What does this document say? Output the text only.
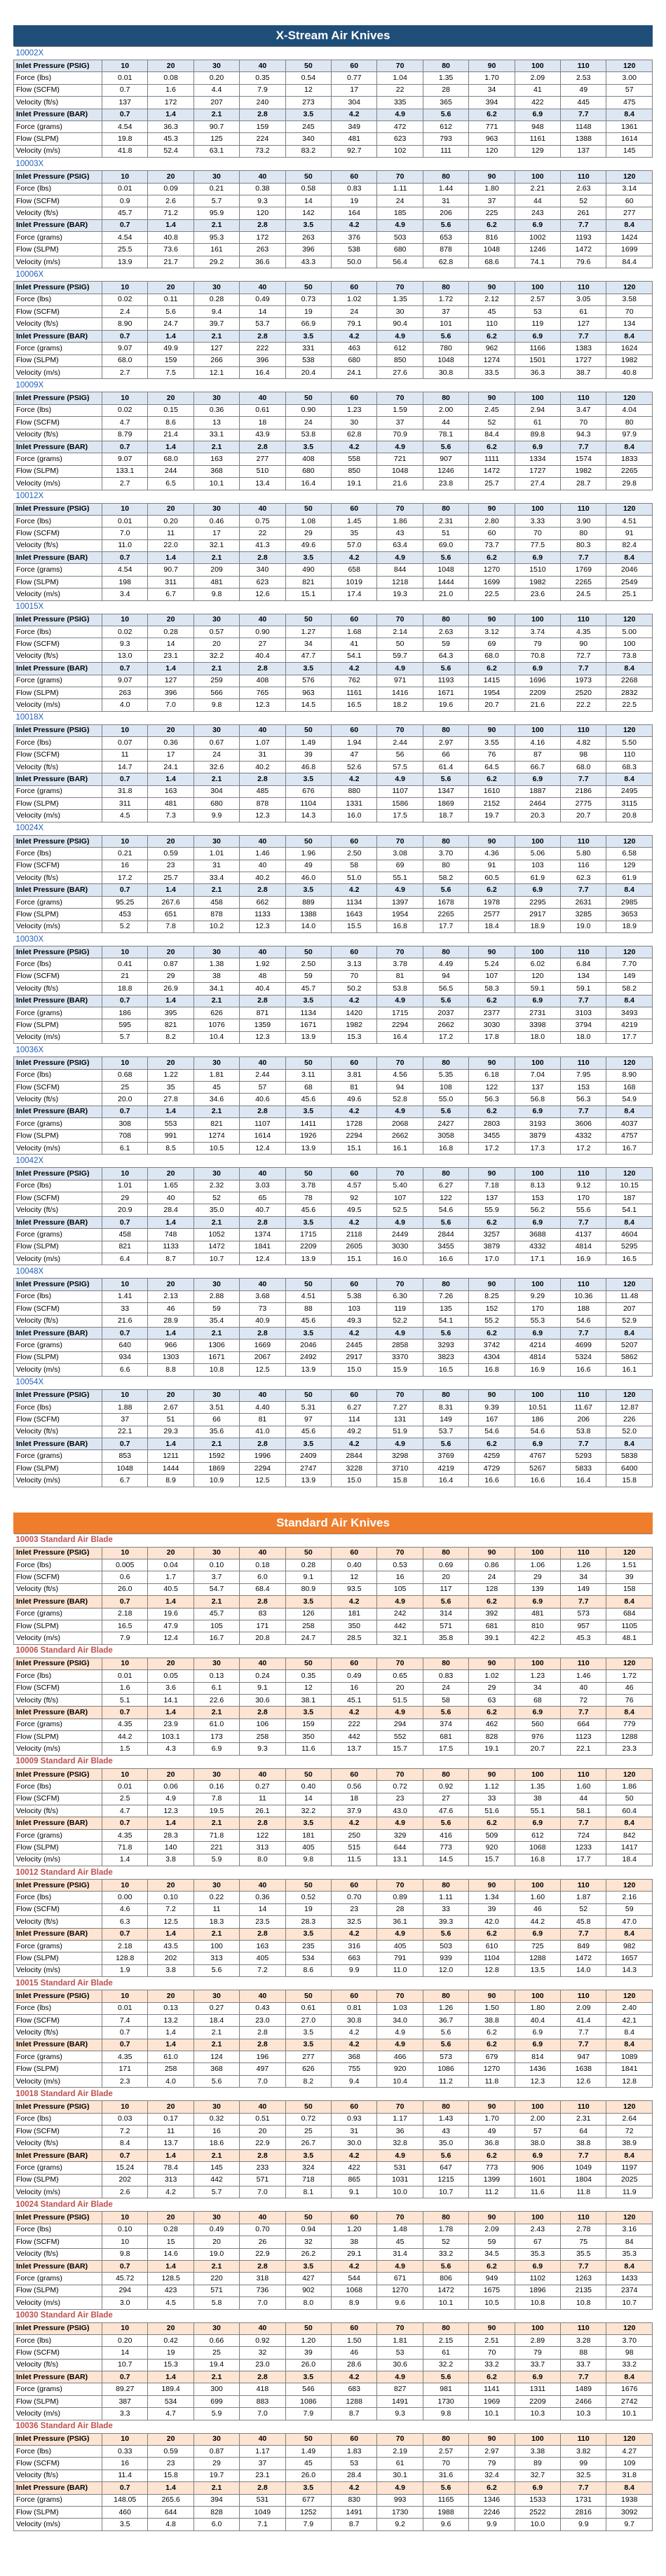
X-Stream Air Knives
10002X												
Inlet Pressure (PSIG)	10	20	30	40	50	60	70	80	90	100	110	120
Force (lbs)	0.01	0.08	0.20	0.35	0.54	0.77	1.04	1.35	1.70	2.09	2.53	3.00
Flow (SCFM)	0.7	1.6	4.4	7.9	12	17	22	28	34	41	49	57
Velocity (ft/s)	137	172	207	240	273	304	335	365	394	422	445	475
Inlet Pressure (BAR)	0.7	1.4	2.1	2.8	3.5	4.2	4.9	5.6	6.2	6.9	7.7	8.4
Force (grams)	4.54	36.3	90.7	159	245	349	472	612	771	948	1148	1361
Flow (SLPM)	19.8	45.3	125	224	340	481	623	793	963	1161	1388	1614
Velocity (m/s)	41.8	52.4	63.1	73.2	83.2	92.7	102	111	120	129	137	145
10003X												
Inlet Pressure (PSIG)	10	20	30	40	50	60	70	80	90	100	110	120
Force (lbs)	0.01	0.09	0.21	0.38	0.58	0.83	1.11	1.44	1.80	2.21	2.63	3.14
Flow (SCFM)	0.9	2.6	5.7	9.3	14	19	24	31	37	44	52	60
Velocity (ft/s)	45.7	71.2	95.9	120	142	164	185	206	225	243	261	277
Inlet Pressure (BAR)	0.7	1.4	2.1	2.8	3.5	4.2	4.9	5.6	6.2	6.9	7.7	8.4
Force (grams)	4.54	40.8	95.3	172	263	376	503	653	816	1002	1193	1424
Flow (SLPM)	25.5	73.6	161	263	396	538	680	878	1048	1246	1472	1699
Velocity (m/s)	13.9	21.7	29.2	36.6	43.3	50.0	56.4	62.8	68.6	74.1	79.6	84.4
10006X												
Inlet Pressure (PSIG)	10	20	30	40	50	60	70	80	90	100	110	120
Force (lbs)	0.02	0.11	0.28	0.49	0.73	1.02	1.35	1.72	2.12	2.57	3.05	3.58
Flow (SCFM)	2.4	5.6	9.4	14	19	24	30	37	45	53	61	70
Velocity (ft/s)	8.90	24.7	39.7	53.7	66.9	79.1	90.4	101	110	119	127	134
Inlet Pressure (BAR)	0.7	1.4	2.1	2.8	3.5	4.2	4.9	5.6	6.2	6.9	7.7	8.4
Force (grams)	9.07	49.9	127	222	331	463	612	780	962	1166	1383	1624
Flow (SLPM)	68.0	159	266	396	538	680	850	1048	1274	1501	1727	1982
Velocity (m/s)	2.7	7.5	12.1	16.4	20.4	24.1	27.6	30.8	33.5	36.3	38.7	40.8
10009X												
Inlet Pressure (PSIG)	10	20	30	40	50	60	70	80	90	100	110	120
Force (lbs)	0.02	0.15	0.36	0.61	0.90	1.23	1.59	2.00	2.45	2.94	3.47	4.04
Flow (SCFM)	4.7	8.6	13	18	24	30	37	44	52	61	70	80
Velocity (ft/s)	8.79	21.4	33.1	43.9	53.8	62.8	70.9	78.1	84.4	89.8	94.3	97.9
Inlet Pressure (BAR)	0.7	1.4	2.1	2.8	3.5	4.2	4.9	5.6	6.2	6.9	7.7	8.4
Force (grams)	9.07	68.0	163	277	408	558	721	907	1111	1334	1574	1833
Flow (SLPM)	133.1	244	368	510	680	850	1048	1246	1472	1727	1982	2265
Velocity (m/s)	2.7	6.5	10.1	13.4	16.4	19.1	21.6	23.8	25.7	27.4	28.7	29.8
10012X												
Inlet Pressure (PSIG)	10	20	30	40	50	60	70	80	90	100	110	120
Force (lbs)	0.01	0.20	0.46	0.75	1.08	1.45	1.86	2.31	2.80	3.33	3.90	4.51
Flow (SCFM)	7.0	11	17	22	29	35	43	51	60	70	80	91
Velocity (ft/s)	11.0	22.0	32.1	41.3	49.6	57.0	63.4	69.0	73.7	77.5	80.3	82.4
Inlet Pressure (BAR)	0.7	1.4	2.1	2.8	3.5	4.2	4.9	5.6	6.2	6.9	7.7	8.4
Force (grams)	4.54	90.7	209	340	490	658	844	1048	1270	1510	1769	2046
Flow (SLPM)	198	311	481	623	821	1019	1218	1444	1699	1982	2265	2549
Velocity (m/s)	3.4	6.7	9.8	12.6	15.1	17.4	19.3	21.0	22.5	23.6	24.5	25.1
10015X												
Inlet Pressure (PSIG)	10	20	30	40	50	60	70	80	90	100	110	120
Force (lbs)	0.02	0.28	0.57	0.90	1.27	1.68	2.14	2.63	3.12	3.74	4.35	5.00
Flow (SCFM)	9.3	14	20	27	34	41	50	59	69	79	90	100
Velocity (ft/s)	13.0	23.1	32.2	40.4	47.7	54.1	59.7	64.3	68.0	70.8	72.7	73.8
Inlet Pressure (BAR)	0.7	1.4	2.1	2.8	3.5	4.2	4.9	5.6	6.2	6.9	7.7	8.4
Force (grams)	9.07	127	259	408	576	762	971	1193	1415	1696	1973	2268
Flow (SLPM)	263	396	566	765	963	1161	1416	1671	1954	2209	2520	2832
Velocity (m/s)	4.0	7.0	9.8	12.3	14.5	16.5	18.2	19.6	20.7	21.6	22.2	22.5
10018X												
Inlet Pressure (PSIG)	10	20	30	40	50	60	70	80	90	100	110	120
Force (lbs)	0.07	0.36	0.67	1.07	1.49	1.94	2.44	2.97	3.55	4.16	4.82	5.50
Flow (SCFM)	11	17	24	31	39	47	56	66	76	87	98	110
Velocity (ft/s)	14.7	24.1	32.6	40.2	46.8	52.6	57.5	61.4	64.5	66.7	68.0	68.3
Inlet Pressure (BAR)	0.7	1.4	2.1	2.8	3.5	4.2	4.9	5.6	6.2	6.9	7.7	8.4
Force (grams)	31.8	163	304	485	676	880	1107	1347	1610	1887	2186	2495
Flow (SLPM)	311	481	680	878	1104	1331	1586	1869	2152	2464	2775	3115
Velocity (m/s)	4.5	7.3	9.9	12.3	14.3	16.0	17.5	18.7	19.7	20.3	20.7	20.8
10024X												
Inlet Pressure (PSIG)	10	20	30	40	50	60	70	80	90	100	110	120
Force (lbs)	0.21	0.59	1.01	1.46	1.96	2.50	3.08	3.70	4.36	5.06	5.80	6.58
Flow (SCFM)	16	23	31	40	49	58	69	80	91	103	116	129
Velocity (ft/s)	17.2	25.7	33.4	40.2	46.0	51.0	55.1	58.2	60.5	61.9	62.3	61.9
Inlet Pressure (BAR)	0.7	1.4	2.1	2.8	3.5	4.2	4.9	5.6	6.2	6.9	7.7	8.4
Force (grams)	95.25	267.6	458	662	889	1134	1397	1678	1978	2295	2631	2985
Flow (SLPM)	453	651	878	1133	1388	1643	1954	2265	2577	2917	3285	3653
Velocity (m/s)	5.2	7.8	10.2	12.3	14.0	15.5	16.8	17.7	18.4	18.9	19.0	18.9
10030X												
Inlet Pressure (PSIG)	10	20	30	40	50	60	70	80	90	100	110	120
Force (lbs)	0.41	0.87	1.38	1.92	2.50	3.13	3.78	4.49	5.24	6.02	6.84	7.70
Flow (SCFM)	21	29	38	48	59	70	81	94	107	120	134	149
Velocity (ft/s)	18.8	26.9	34.1	40.4	45.7	50.2	53.8	56.5	58.3	59.1	59.1	58.2
Inlet Pressure (BAR)	0.7	1.4	2.1	2.8	3.5	4.2	4.9	5.6	6.2	6.9	7.7	8.4
Force (grams)	186	395	626	871	1134	1420	1715	2037	2377	2731	3103	3493
Flow (SLPM)	595	821	1076	1359	1671	1982	2294	2662	3030	3398	3794	4219
Velocity (m/s)	5.7	8.2	10.4	12.3	13.9	15.3	16.4	17.2	17.8	18.0	18.0	17.7
10036X												
Inlet Pressure (PSIG)	10	20	30	40	50	60	70	80	90	100	110	120
Force (lbs)	0.68	1.22	1.81	2.44	3.11	3.81	4.56	5.35	6.18	7.04	7.95	8.90
Flow (SCFM)	25	35	45	57	68	81	94	108	122	137	153	168
Velocity (ft/s)	20.0	27.8	34.6	40.6	45.6	49.6	52.8	55.0	56.3	56.8	56.3	54.9
Inlet Pressure (BAR)	0.7	1.4	2.1	2.8	3.5	4.2	4.9	5.6	6.2	6.9	7.7	8.4
Force (grams)	308	553	821	1107	1411	1728	2068	2427	2803	3193	3606	4037
Flow (SLPM)	708	991	1274	1614	1926	2294	2662	3058	3455	3879	4332	4757
Velocity (m/s)	6.1	8.5	10.5	12.4	13.9	15.1	16.1	16.8	17.2	17.3	17.2	16.7
10042X												
Inlet Pressure (PSIG)	10	20	30	40	50	60	70	80	90	100	110	120
Force (lbs)	1.01	1.65	2.32	3.03	3.78	4.57	5.40	6.27	7.18	8.13	9.12	10.15
Flow (SCFM)	29	40	52	65	78	92	107	122	137	153	170	187
Velocity (ft/s)	20.9	28.4	35.0	40.7	45.6	49.5	52.5	54.6	55.9	56.2	55.6	54.1
Inlet Pressure (BAR)	0.7	1.4	2.1	2.8	3.5	4.2	4.9	5.6	6.2	6.9	7.7	8.4
Force (grams)	458	748	1052	1374	1715	2118	2449	2844	3257	3688	4137	4604
Flow (SLPM)	821	1133	1472	1841	2209	2605	3030	3455	3879	4332	4814	5295
Velocity (m/s)	6.4	8.7	10.7	12.4	13.9	15.1	16.0	16.6	17.0	17.1	16.9	16.5
10048X												
Inlet Pressure (PSIG)	10	20	30	40	50	60	70	80	90	100	110	120
Force (lbs)	1.41	2.13	2.88	3.68	4.51	5.38	6.30	7.26	8.25	9.29	10.36	11.48
Flow (SCFM)	33	46	59	73	88	103	119	135	152	170	188	207
Velocity (ft/s)	21.6	28.9	35.4	40.9	45.6	49.3	52.2	54.1	55.2	55.3	54.6	52.9
Inlet Pressure (BAR)	0.7	1.4	2.1	2.8	3.5	4.2	4.9	5.6	6.2	6.9	7.7	8.4
Force (grams)	640	966	1306	1669	2046	2445	2858	3293	3742	4214	4699	5207
Flow (SLPM)	934	1303	1671	2067	2492	2917	3370	3823	4304	4814	5324	5862
Velocity (m/s)	6.6	8.8	10.8	12.5	13.9	15.0	15.9	16.5	16.8	16.9	16.6	16.1
10054X												
Inlet Pressure (PSIG)	10	20	30	40	50	60	70	80	90	100	110	120
Force (lbs)	1.88	2.67	3.51	4.40	5.31	6.27	7.27	8.31	9.39	10.51	11.67	12.87
Flow (SCFM)	37	51	66	81	97	114	131	149	167	186	206	226
Velocity (ft/s)	22.1	29.3	35.6	41.0	45.6	49.2	51.9	53.7	54.6	54.6	53.8	52.0
Inlet Pressure (BAR)	0.7	1.4	2.1	2.8	3.5	4.2	4.9	5.6	6.2	6.9	7.7	8.4
Force (grams)	853	1211	1592	1996	2409	2844	3298	3769	4259	4767	5293	5838
Flow (SLPM)	1048	1444	1869	2294	2747	3228	3710	4219	4729	5267	5833	6400
Velocity (m/s)	6.7	8.9	10.9	12.5	13.9	15.0	15.8	16.4	16.6	16.6	16.4	15.8
Standard Air Knives
10003 Standard Air Blade												
Inlet Pressure (PSIG)	10	20	30	40	50	60	70	80	90	100	110	120
Force (lbs)	0.005	0.04	0.10	0.18	0.28	0.40	0.53	0.69	0.86	1.06	1.26	1.51
Flow (SCFM)	0.6	1.7	3.7	6.0	9.1	12	16	20	24	29	34	39
Velocity (ft/s)	26.0	40.5	54.7	68.4	80.9	93.5	105	117	128	139	149	158
Inlet Pressure (BAR)	0.7	1.4	2.1	2.8	3.5	4.2	4.9	5.6	6.2	6.9	7.7	8.4
Force (grams)	2.18	19.6	45.7	83	126	181	242	314	392	481	573	684
Flow (SLPM)	16.5	47.9	105	171	258	350	442	571	681	810	957	1105
Velocity (m/s)	7.9	12.4	16.7	20.8	24.7	28.5	32.1	35.8	39.1	42.2	45.3	48.1
10006 Standard Air Blade												
Inlet Pressure (PSIG)	10	20	30	40	50	60	70	80	90	100	110	120
Force (lbs)	0.01	0.05	0.13	0.24	0.35	0.49	0.65	0.83	1.02	1.23	1.46	1.72
Flow (SCFM)	1.6	3.6	6.1	9.1	12	16	20	24	29	34	40	46
Velocity (ft/s)	5.1	14.1	22.6	30.6	38.1	45.1	51.5	58	63	68	72	76
Inlet Pressure (BAR)	0.7	1.4	2.1	2.8	3.5	4.2	4.9	5.6	6.2	6.9	7.7	8.4
Force (grams)	4.35	23.9	61.0	106	159	222	294	374	462	560	664	779
Flow (SLPM)	44.2	103.1	173	258	350	442	552	681	828	976	1123	1288
Velocity (m/s)	1.5	4.3	6.9	9.3	11.6	13.7	15.7	17.5	19.1	20.7	22.1	23.3
10009 Standard Air Blade												
Inlet Pressure (PSIG)	10	20	30	40	50	60	70	80	90	100	110	120
Force (lbs)	0.01	0.06	0.16	0.27	0.40	0.56	0.72	0.92	1.12	1.35	1.60	1.86
Flow (SCFM)	2.5	4.9	7.8	11	14	18	23	27	33	38	44	50
Velocity (ft/s)	4.7	12.3	19.5	26.1	32.2	37.9	43.0	47.6	51.6	55.1	58.1	60.4
Inlet Pressure (BAR)	0.7	1.4	2.1	2.8	3.5	4.2	4.9	5.6	6.2	6.9	7.7	8.4
Force (grams)	4.35	28.3	71.8	122	181	250	329	416	509	612	724	842
Flow (SLPM)	71.8	140	221	313	405	515	644	773	920	1068	1233	1417
Velocity (m/s)	1.4	3.8	5.9	8.0	9.8	11.5	13.1	14.5	15.7	16.8	17.7	18.4
10012 Standard Air Blade												
Inlet Pressure (PSIG)	10	20	30	40	50	60	70	80	90	100	110	120
Force (lbs)	0.00	0.10	0.22	0.36	0.52	0.70	0.89	1.11	1.34	1.60	1.87	2.16
Flow (SCFM)	4.6	7.2	11	14	19	23	28	33	39	46	52	59
Velocity (ft/s)	6.3	12.5	18.3	23.5	28.3	32.5	36.1	39.3	42.0	44.2	45.8	47.0
Inlet Pressure (BAR)	0.7	1.4	2.1	2.8	3.5	4.2	4.9	5.6	6.2	6.9	7.7	8.4
Force (grams)	2.18	43.5	100	163	235	316	405	503	610	725	849	982
Flow (SLPM)	128.8	202	313	405	534	663	791	939	1104	1288	1472	1657
Velocity (m/s)	1.9	3.8	5.6	7.2	8.6	9.9	11.0	12.0	12.8	13.5	14.0	14.3
10015 Standard Air Blade												
Inlet Pressure (PSIG)	10	20	30	40	50	60	70	80	90	100	110	120
Force (lbs)	0.01	0.13	0.27	0.43	0.61	0.81	1.03	1.26	1.50	1.80	2.09	2.40
Flow (SCFM)	7.4	13.2	18.4	23.0	27.0	30.8	34.0	36.7	38.8	40.4	41.4	42.1
Velocity (ft/s)	0.7	1.4	2.1	2.8	3.5	4.2	4.9	5.6	6.2	6.9	7.7	8.4
Inlet Pressure (BAR)	0.7	1.4	2.1	2.8	3.5	4.2	4.9	5.6	6.2	6.9	7.7	8.4
Force (grams)	4.35	61.0	124	196	277	368	466	573	679	814	947	1089
Flow (SLPM)	171	258	368	497	626	755	920	1086	1270	1436	1638	1841
Velocity (m/s)	2.3	4.0	5.6	7.0	8.2	9.4	10.4	11.2	11.8	12.3	12.6	12.8
10018 Standard Air Blade												
Inlet Pressure (PSIG)	10	20	30	40	50	60	70	80	90	100	110	120
Force (lbs)	0.03	0.17	0.32	0.51	0.72	0.93	1.17	1.43	1.70	2.00	2.31	2.64
Flow (SCFM)	7.2	11	16	20	25	31	36	43	49	57	64	72
Velocity (ft/s)	8.4	13.7	18.6	22.9	26.7	30.0	32.8	35.0	36.8	38.0	38.8	38.9
Inlet Pressure (BAR)	0.7	1.4	2.1	2.8	3.5	4.2	4.9	5.6	6.2	6.9	7.7	8.4
Force (grams)	15.24	78.4	145	233	324	422	531	647	773	906	1049	1197
Flow (SLPM)	202	313	442	571	718	865	1031	1215	1399	1601	1804	2025
Velocity (m/s)	2.6	4.2	5.7	7.0	8.1	9.1	10.0	10.7	11.2	11.6	11.8	11.9
10024 Standard Air Blade												
Inlet Pressure (PSIG)	10	20	30	40	50	60	70	80	90	100	110	120
Force (lbs)	0.10	0.28	0.49	0.70	0.94	1.20	1.48	1.78	2.09	2.43	2.78	3.16
Flow (SCFM)	10	15	20	26	32	38	45	52	59	67	75	84
Velocity (ft/s)	9.8	14.6	19.0	22.9	26.2	29.1	31.4	33.2	34.5	35.3	35.5	35.3
Inlet Pressure (BAR)	0.7	1.4	2.1	2.8	3.5	4.2	4.9	5.6	6.2	6.9	7.7	8.4
Force (grams)	45.72	128.5	220	318	427	544	671	806	949	1102	1263	1433
Flow (SLPM)	294	423	571	736	902	1068	1270	1472	1675	1896	2135	2374
Velocity (m/s)	3.0	4.5	5.8	7.0	8.0	8.9	9.6	10.1	10.5	10.8	10.8	10.7
10030 Standard Air Blade												
Inlet Pressure (PSIG)	10	20	30	40	50	60	70	80	90	100	110	120
Force (lbs)	0.20	0.42	0.66	0.92	1.20	1.50	1.81	2.15	2.51	2.89	3.28	3.70
Flow (SCFM)	14	19	25	32	39	46	53	61	70	79	88	98
Velocity (ft/s)	10.7	15.3	19.4	23.0	26.0	28.6	30.6	32.2	33.2	33.7	33.7	33.2
Inlet Pressure (BAR)	0.7	1.4	2.1	2.8	3.5	4.2	4.9	5.6	6.2	6.9	7.7	8.4
Force (grams)	89.27	189.4	300	418	546	683	827	981	1141	1311	1489	1676
Flow (SLPM)	387	534	699	883	1086	1288	1491	1730	1969	2209	2466	2742
Velocity (m/s)	3.3	4.7	5.9	7.0	7.9	8.7	9.3	9.8	10.1	10.3	10.3	10.1
10036 Standard Air Blade												
Inlet Pressure (PSIG)	10	20	30	40	50	60	70	80	90	100	110	120
Force (lbs)	0.33	0.59	0.87	1.17	1.49	1.83	2.19	2.57	2.97	3.38	3.82	4.27
Flow (SCFM)	16	23	29	37	45	53	61	70	79	89	99	109
Velocity (ft/s)	11.4	15.8	19.7	23.1	26.0	28.4	30.1	31.6	32.4	32.7	32.5	31.8
Inlet Pressure (BAR)	0.7	1.4	2.1	2.8	3.5	4.2	4.9	5.6	6.2	6.9	7.7	8.4
Force (grams)	148.05	265.6	394	531	677	830	993	1165	1346	1533	1731	1938
Flow (SLPM)	460	644	828	1049	1252	1491	1730	1988	2246	2522	2816	3092
Velocity (m/s)	3.5	4.8	6.0	7.1	7.9	8.7	9.2	9.6	9.9	10.0	9.9	9.7
